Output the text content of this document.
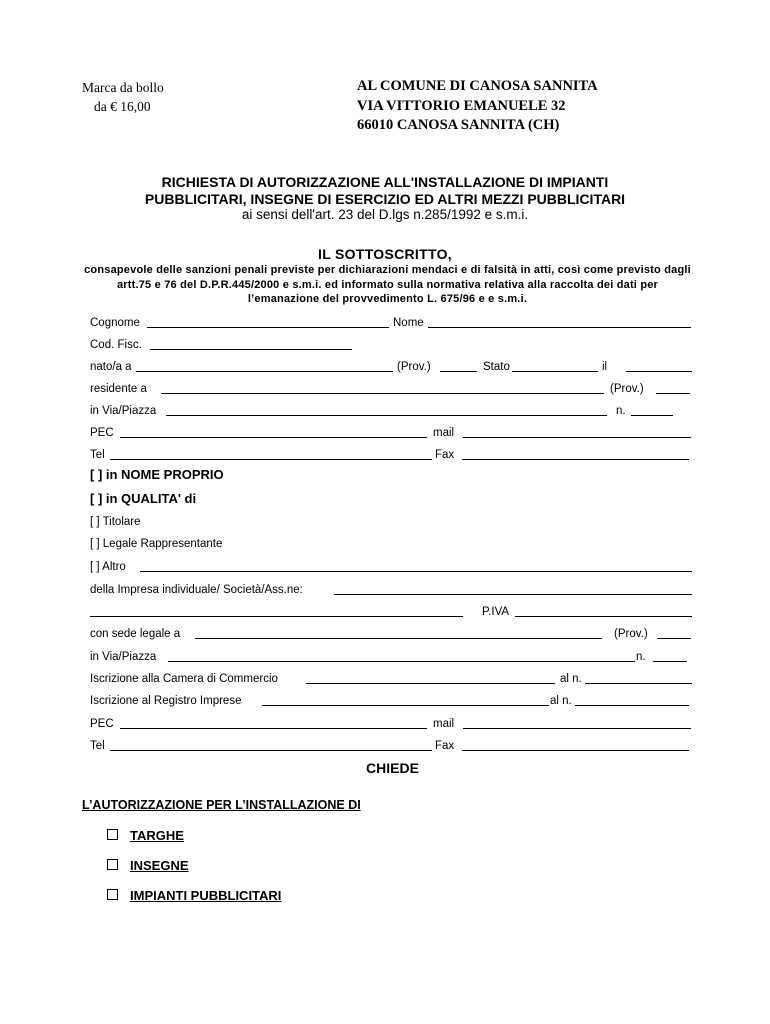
Marca da bollo
da € 16,00
AL COMUNE DI CANOSA SANNITA
VIA VITTORIO EMANUELE 32
66010 CANOSA SANNITA (CH)
RICHIESTA DI AUTORIZZAZIONE ALL'INSTALLAZIONE DI IMPIANTI
PUBBLICITARI, INSEGNE DI ESERCIZIO ED ALTRI MEZZI PUBBLICITARI
ai sensi dell'art. 23 del D.lgs n.285/1992 e s.m.i.
IL SOTTOSCRITTO,
consapevole delle sanzioni penali previste per dichiarazioni mendaci e di falsità in atti, così come previsto dagli artt.75 e 76 del D.P.R.445/2000 e s.m.i. ed informato sulla normativa relativa alla raccolta dei dati per l’emanazione del provvedimento L. 675/96 e e s.m.i.
Cognome	Nome
Cod. Fisc.
nato/a a	(Prov.)	Stato	il
residente a	(Prov.)
in Via/Piazza	n.
PEC	mail
Tel	Fax
[ ] in NOME PROPRIO
[ ] in QUALITA' di
[ ] Titolare
[ ] Legale Rappresentante
[ ] Altro
della Impresa individuale/ Società/Ass.ne:
P.IVA
con sede legale a	(Prov.)
in Via/Piazza	n.
Iscrizione alla Camera di Commercio	al n.
Iscrizione al Registro Imprese	al n.
PEC	mail
Tel	Fax
CHIEDE
L’AUTORIZZAZIONE PER L’INSTALLAZIONE DI
TARGHE
INSEGNE
IMPIANTI PUBBLICITARI
